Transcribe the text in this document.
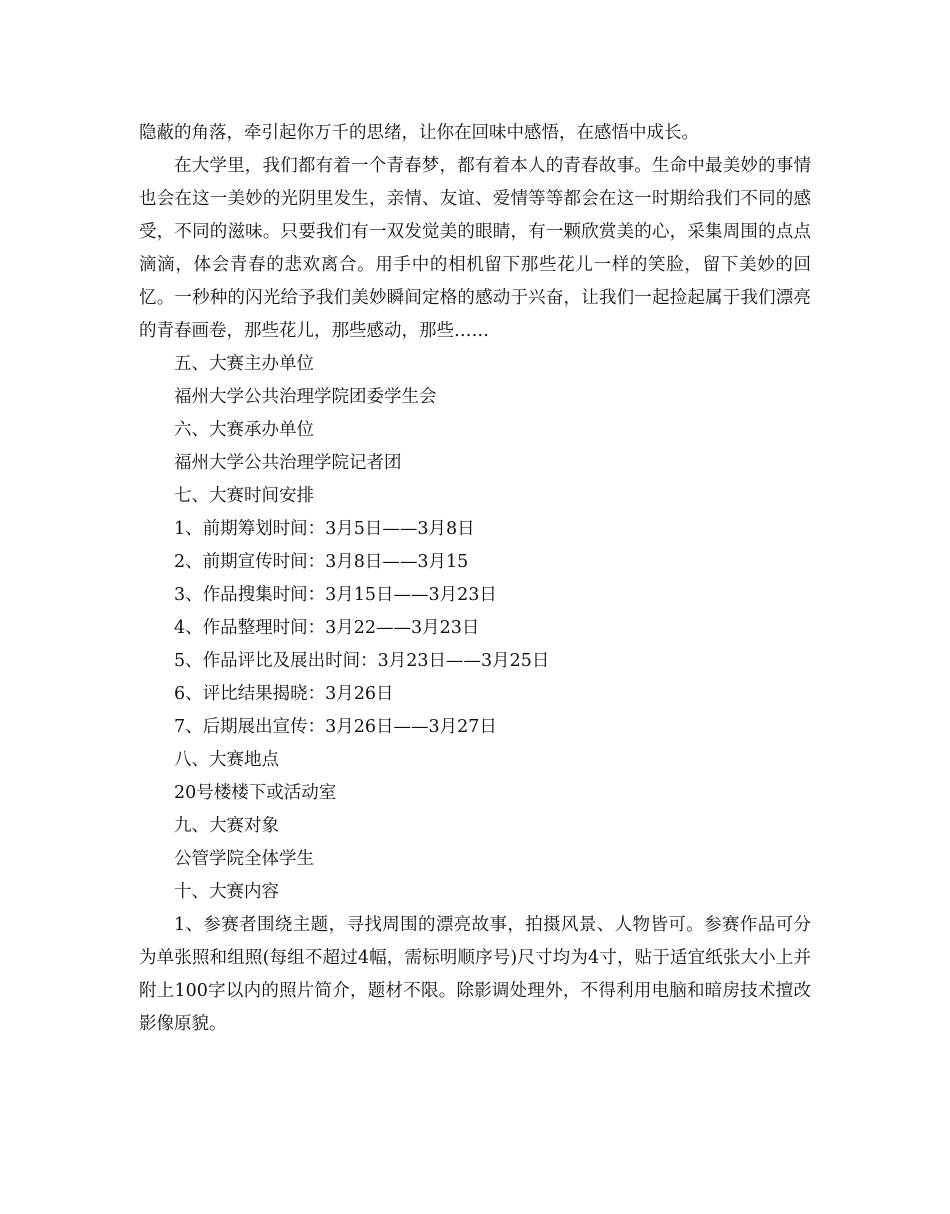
隐蔽的角落，牵引起你万千的思绪，让你在回味中感悟，在感悟中成长。

在大学里，我们都有着一个青春梦，都有着本人的青春故事。生命中最美妙的事情也会在这一美妙的光阴里发生，亲情、友谊、爱情等等都会在这一时期给我们不同的感受，不同的滋味。只要我们有一双发觉美的眼睛，有一颗欣赏美的心，采集周围的点点滴滴，体会青春的悲欢离合。用手中的相机留下那些花儿一样的笑脸，留下美妙的回忆。一秒种的闪光给予我们美妙瞬间定格的感动于兴奋，让我们一起捡起属于我们漂亮的青春画卷，那些花儿，那些感动，那些……

五、大赛主办单位

福州大学公共治理学院团委学生会

六、大赛承办单位

福州大学公共治理学院记者团

七、大赛时间安排

1、前期筹划时间：3月5日——3月8日

2、前期宣传时间：3月8日——3月15

3、作品搜集时间：3月15日——3月23日

4、作品整理时间：3月22——3月23日

5、作品评比及展出时间：3月23日——3月25日

6、评比结果揭晓：3月26日

7、后期展出宣传：3月26日——3月27日

八、大赛地点

20号楼楼下或活动室

九、大赛对象

公管学院全体学生

十、大赛内容

1、参赛者围绕主题，寻找周围的漂亮故事，拍摄风景、人物皆可。参赛作品可分为单张照和组照(每组不超过4幅，需标明顺序号)尺寸均为4寸，贴于适宜纸张大小上并附上100字以内的照片简介，题材不限。除影调处理外，不得利用电脑和暗房技术擅改影像原貌。
